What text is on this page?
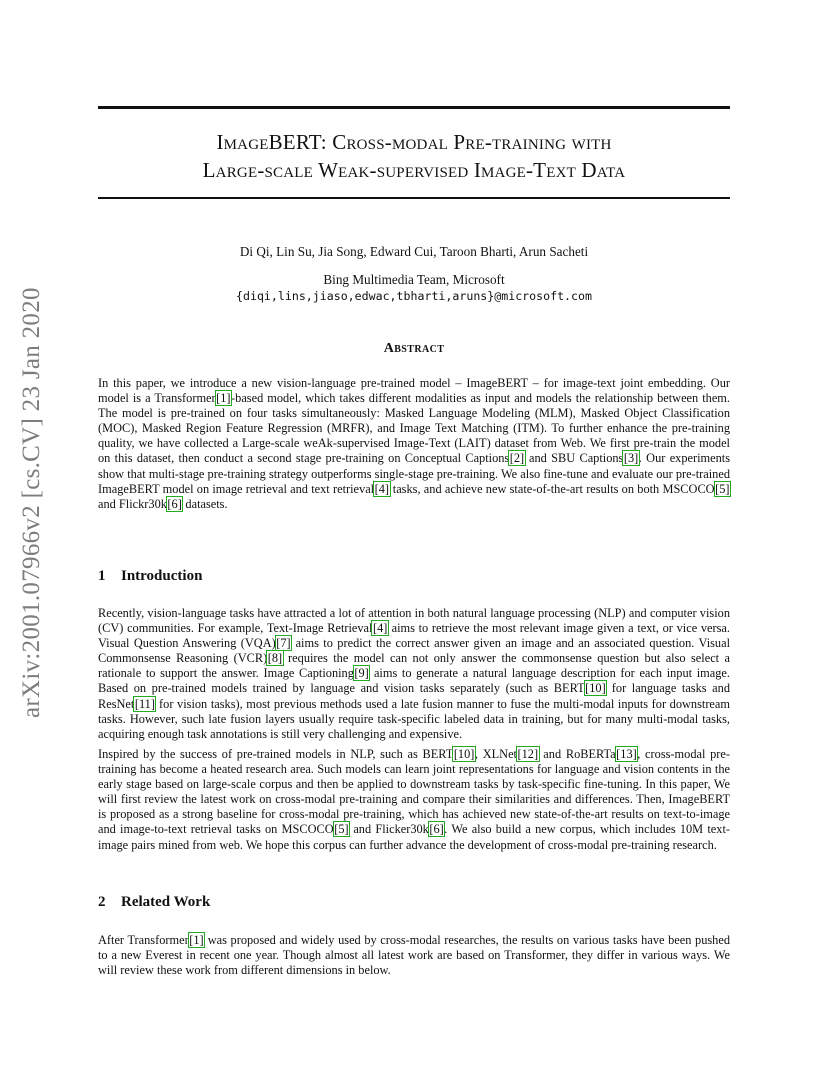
arXiv:2001.07966v2 [cs.CV] 23 Jan 2020
ImageBERT: Cross-modal Pre-training with
Large-scale Weak-supervised Image-Text Data
Di Qi, Lin Su, Jia Song, Edward Cui, Taroon Bharti, Arun Sacheti
Bing Multimedia Team, Microsoft
{diqi,lins,jiaso,edwac,tbharti,aruns}@microsoft.com
Abstract

In this paper, we introduce a new vision-language pre-trained model – ImageBERT – for image-text joint embedding. Our model is a Transformer[1]-based model, which takes different modalities as input and models the relationship between them. The model is pre-trained on four tasks simultaneously: Masked Language Modeling (MLM), Masked Object Classification (MOC), Masked Region Feature Regression (MRFR), and Image Text Matching (ITM). To further enhance the pre-training quality, we have collected a Large-scale weAk-supervised Image-Text (LAIT) dataset from Web. We first pre-train the model on this dataset, then conduct a second stage pre-training on Conceptual Captions[2] and SBU Captions[3]. Our experiments show that multi-stage pre-training strategy outperforms single-stage pre-training. We also fine-tune and evaluate our pre-trained ImageBERT model on image retrieval and text retrieval[4] tasks, and achieve new state-of-the-art results on both MSCOCO[5] and Flickr30k[6] datasets.

1 Introduction

Recently, vision-language tasks have attracted a lot of attention in both natural language processing (NLP) and computer vision (CV) communities. For example, Text-Image Retrieval[4] aims to retrieve the most relevant image given a text, or vice versa. Visual Question Answering (VQA)[7] aims to predict the correct answer given an image and an associated question. Visual Commonsense Reasoning (VCR)[8] requires the model can not only answer the commonsense question but also select a rationale to support the answer. Image Captioning[9] aims to generate a natural language description for each input image. Based on pre-trained models trained by language and vision tasks separately (such as BERT[10] for language tasks and ResNet[11] for vision tasks), most previous methods used a late fusion manner to fuse the multi-modal inputs for downstream tasks. However, such late fusion layers usually require task-specific labeled data in training, but for many multi-modal tasks, acquiring enough task annotations is still very challenging and expensive.

Inspired by the success of pre-trained models in NLP, such as BERT[10], XLNet[12] and RoBERTa[13], cross-modal pre-training has become a heated research area. Such models can learn joint representations for language and vision contents in the early stage based on large-scale corpus and then be applied to downstream tasks by task-specific fine-tuning. In this paper, We will first review the latest work on cross-modal pre-training and compare their similarities and differences. Then, ImageBERT is proposed as a strong baseline for cross-modal pre-training, which has achieved new state-of-the-art results on text-to-image and image-to-text retrieval tasks on MSCOCO[5] and Flicker30k[6]. We also build a new corpus, which includes 10M text-image pairs mined from web. We hope this corpus can further advance the development of cross-modal pre-training research.

2 Related Work

After Transformer[1] was proposed and widely used by cross-modal researches, the results on various tasks have been pushed to a new Everest in recent one year. Though almost all latest work are based on Transformer, they differ in various ways. We will review these work from different dimensions in below.
